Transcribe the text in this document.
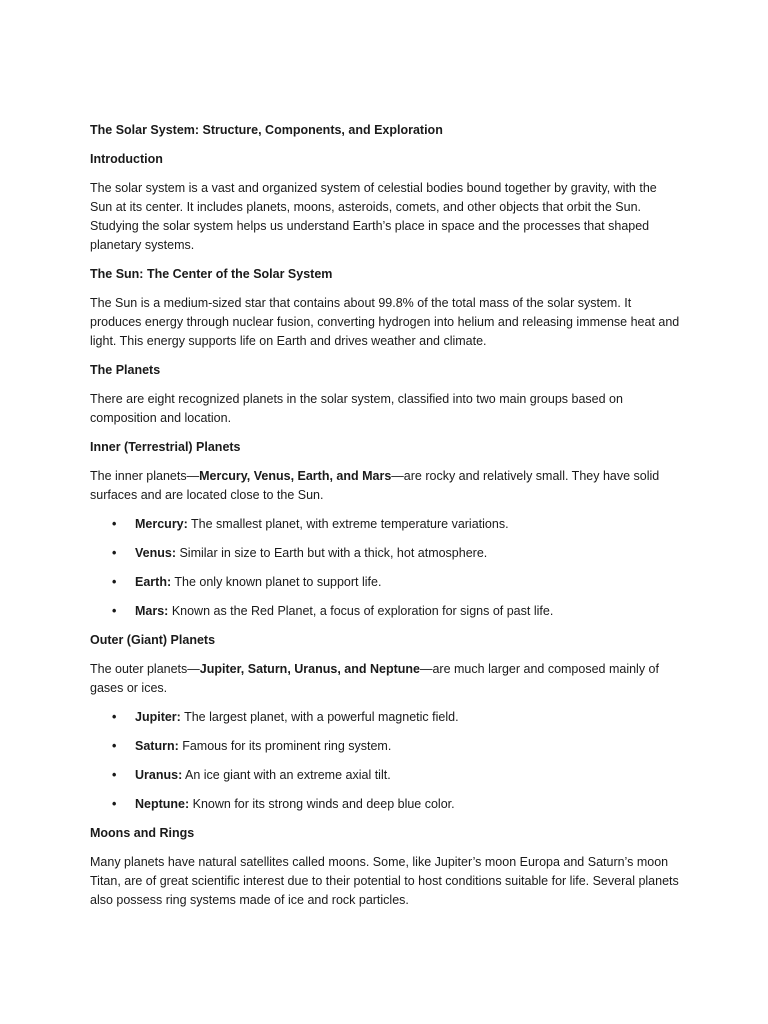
The Solar System: Structure, Components, and Exploration

Introduction

The solar system is a vast and organized system of celestial bodies bound together by gravity, with the Sun at its center. It includes planets, moons, asteroids, comets, and other objects that orbit the Sun. Studying the solar system helps us understand Earth’s place in space and the processes that shaped planetary systems.

The Sun: The Center of the Solar System

The Sun is a medium-sized star that contains about 99.8% of the total mass of the solar system. It produces energy through nuclear fusion, converting hydrogen into helium and releasing immense heat and light. This energy supports life on Earth and drives weather and climate.

The Planets

There are eight recognized planets in the solar system, classified into two main groups based on composition and location.

Inner (Terrestrial) Planets

The inner planets—Mercury, Venus, Earth, and Mars—are rocky and relatively small. They have solid surfaces and are located close to the Sun.

• Mercury: The smallest planet, with extreme temperature variations.
• Venus: Similar in size to Earth but with a thick, hot atmosphere.
• Earth: The only known planet to support life.
• Mars: Known as the Red Planet, a focus of exploration for signs of past life.

Outer (Giant) Planets

The outer planets—Jupiter, Saturn, Uranus, and Neptune—are much larger and composed mainly of gases or ices.

• Jupiter: The largest planet, with a powerful magnetic field.
• Saturn: Famous for its prominent ring system.
• Uranus: An ice giant with an extreme axial tilt.
• Neptune: Known for its strong winds and deep blue color.

Moons and Rings

Many planets have natural satellites called moons. Some, like Jupiter’s moon Europa and Saturn’s moon Titan, are of great scientific interest due to their potential to host conditions suitable for life. Several planets also possess ring systems made of ice and rock particles.
